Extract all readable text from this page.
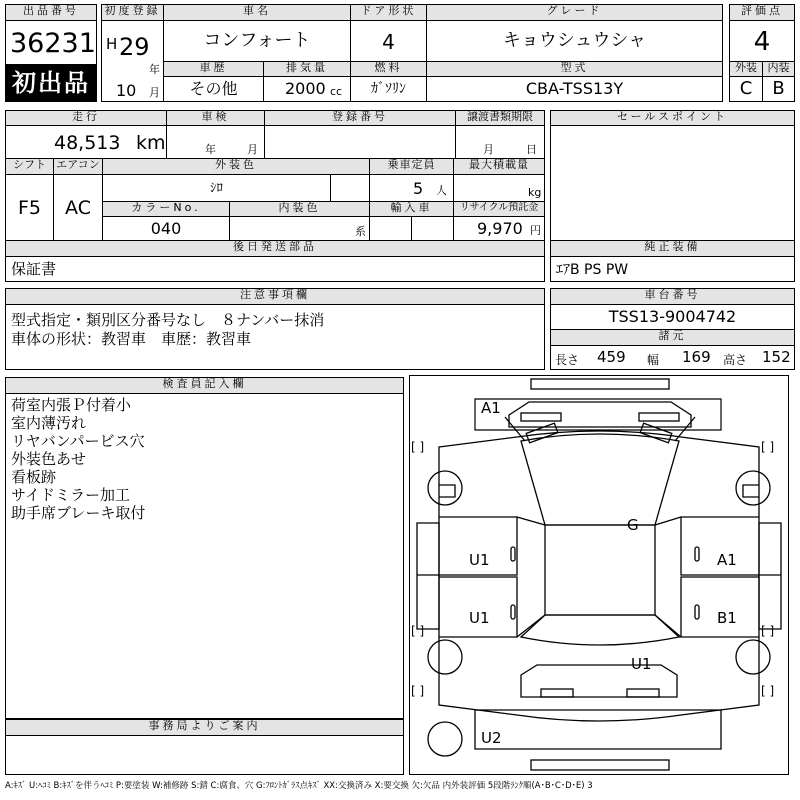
出品番号
36231
初出品
初度登録
H 29
年
10 月
車名
コンフォート
ドア形状
4
グレード
キョウシュウシャ
評価点
4
車歴
その他
排気量
2000 cc
燃料
ｶﾞｿﾘﾝ
型式
CBA-TSS13Y
外装
C
内装
B
走行
48,513 km
車検
年	月
登録番号	譲渡書類期限
月	日
シフト
F5
エアコン
AC
外装色
ｼﾛ
乗車定員
5 人
最大積載量
kg
カラーNo.
040
内装色
系
輸入車	リサイクル預託金
9,970 円
後日発送部品
保証書
セールスポイント
純正装備
ｴｱB PS PW
注意事項欄
型式指定・類別区分番号なし　８ナンバー抹消
車体の形状：教習車　車歴：教習車
車台番号
TSS13-9004742
諸元
長さ 459 幅 169 高さ 152
検査員記入欄
荷室内張Ｐ付着小
室内薄汚れ
リヤバンパービス穴
外装色あせ
看板跡
サイドミラー加工
助手席ブレーキ取付
事務局よりご案内
A1
G
U1	A1
U1	B1
U1
U2
[ ]	[ ]
[ ]	[ ]
[ ]	[ ]
A:ｷｽﾞ U:ﾍｺﾐ B:ｷｽﾞを伴うﾍｺﾐ P:要塗装 W:補修跡 S:錆 C:腐食、穴 G:ﾌﾛﾝﾄｶﾞﾗｽ点ｷｽﾞ XX:交換済み X:要交換 欠:欠品 内外装評価 5段階ﾗﾝｸ順(A･B･C･D･E) 3
